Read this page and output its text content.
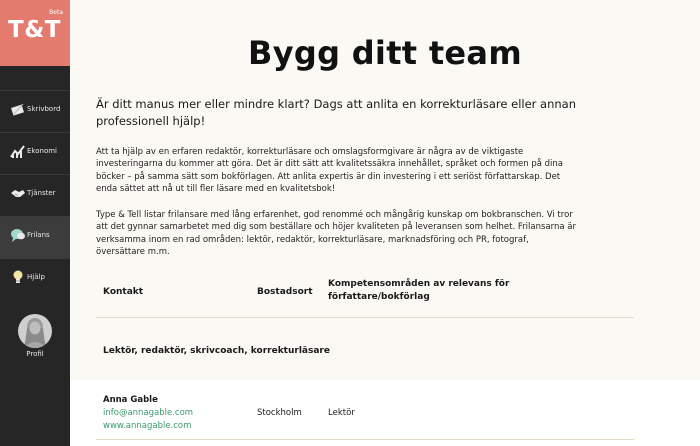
T&T
Beta
Skrivbord
Ekonomi
Tjänster
Frilans
Hjälp
Profil
Bygg ditt team

Är ditt manus mer eller mindre klart? Dags att anlita en korrekturläsare eller annan professionell hjälp!

Att ta hjälp av en erfaren redaktör, korrekturläsare och omslagsformgivare är några av de viktigaste investeringarna du kommer att göra. Det är ditt sätt att kvalitetssäkra innehållet, språket och formen på dina böcker – på samma sätt som bokförlagen. Att anlita expertis är din investering i ett seriöst författarskap. Det enda sättet att nå ut till fler läsare med en kvalitetsbok!

Type & Tell listar frilansare med lång erfarenhet, god renommé och mångårig kunskap om bokbranschen. Vi tror att det gynnar samarbetet med dig som beställare och höjer kvaliteten på leveransen som helhet. Frilansarna är verksamma inom en rad områden: lektör, redaktör, korrekturläsare, marknadsföring och PR, fotograf, översättare m.m.

Kontakt	Bostadsort
Kompetensområden av relevans för författare/bokförlag
Lektör, redaktör, skrivcoach, korrekturläsare
Anna Gable
info@annagable.com
www.annagable.com
Stockholm	Lektör
